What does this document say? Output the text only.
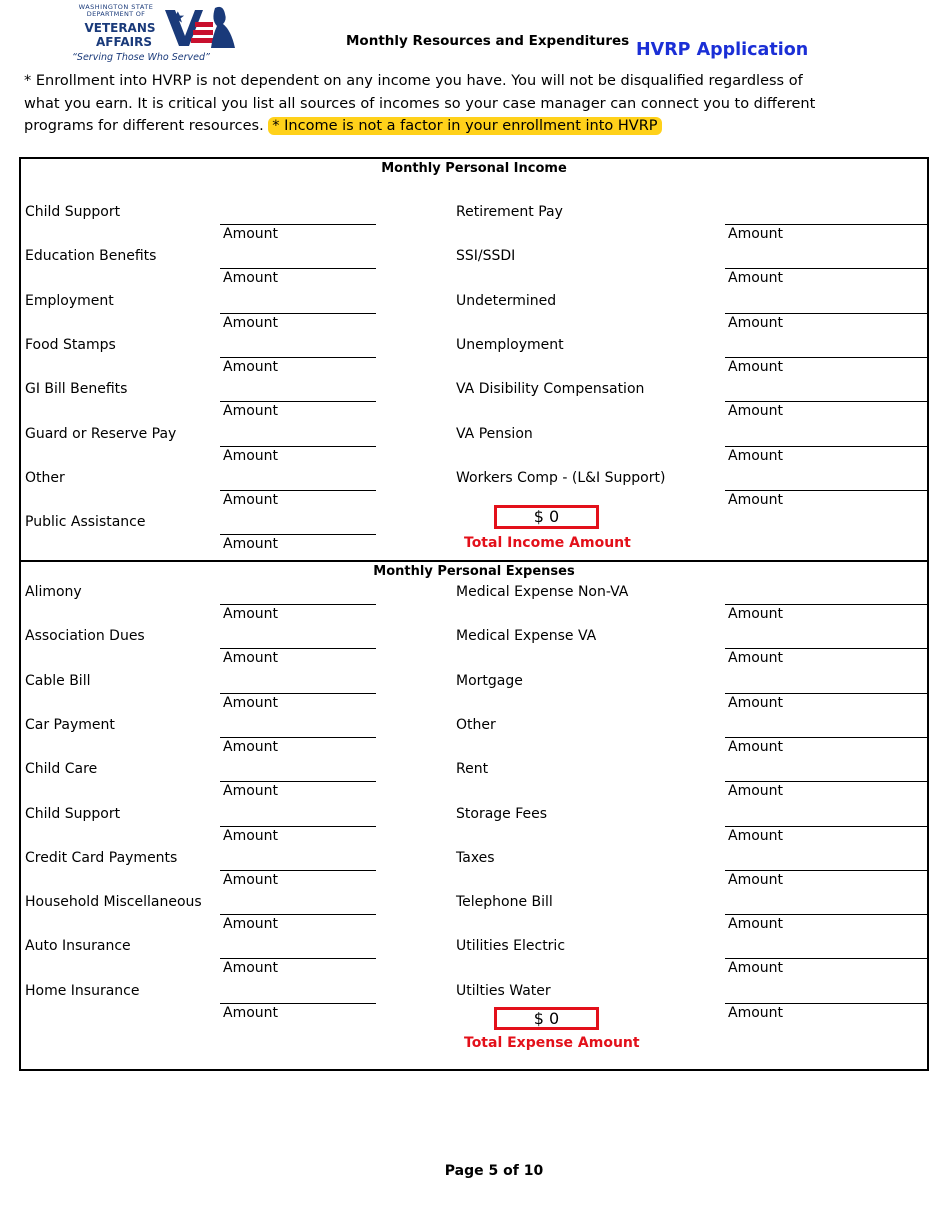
WASHINGTON STATE
DEPARTMENT OF
VETERANS
AFFAIRS
“Serving Those Who Served”
Monthly Resources and Expenditures HVRP Application
* Enrollment into HVRP is not dependent on any income you have. You will not be disqualified regardless of what you earn. It is critical you list all sources of incomes so your case manager can connect you to different programs for different resources. * Income is not a factor in your enrollment into HVRP
Monthly Personal Income
Monthly Personal Expenses
Child Support
Amount
Education Benefits
Amount
Employment
Amount
Food Stamps
Amount
GI Bill Benefits
Amount
Guard or Reserve Pay
Amount
Other
Amount
Public Assistance
Amount
Retirement Pay
Amount
SSI/SSDI
Amount
Undetermined
Amount
Unemployment
Amount
VA Disibility Compensation
Amount
VA Pension
Amount
Workers Comp - (L&I Support)
Amount
Alimony
Amount
Association Dues
Amount
Cable Bill
Amount
Car Payment
Amount
Child Care
Amount
Child Support
Amount
Credit Card Payments
Amount
Household Miscellaneous
Amount
Auto Insurance
Amount
Home Insurance
Amount
Medical Expense Non-VA
Amount
Medical Expense VA
Amount
Mortgage
Amount
Other
Amount
Rent
Amount
Storage Fees
Amount
Taxes
Amount
Telephone Bill
Amount
Utilities Electric
Amount
Utilties Water
Amount
$ 0
Total Income Amount
$ 0
Total Expense Amount
Page 5 of 10
